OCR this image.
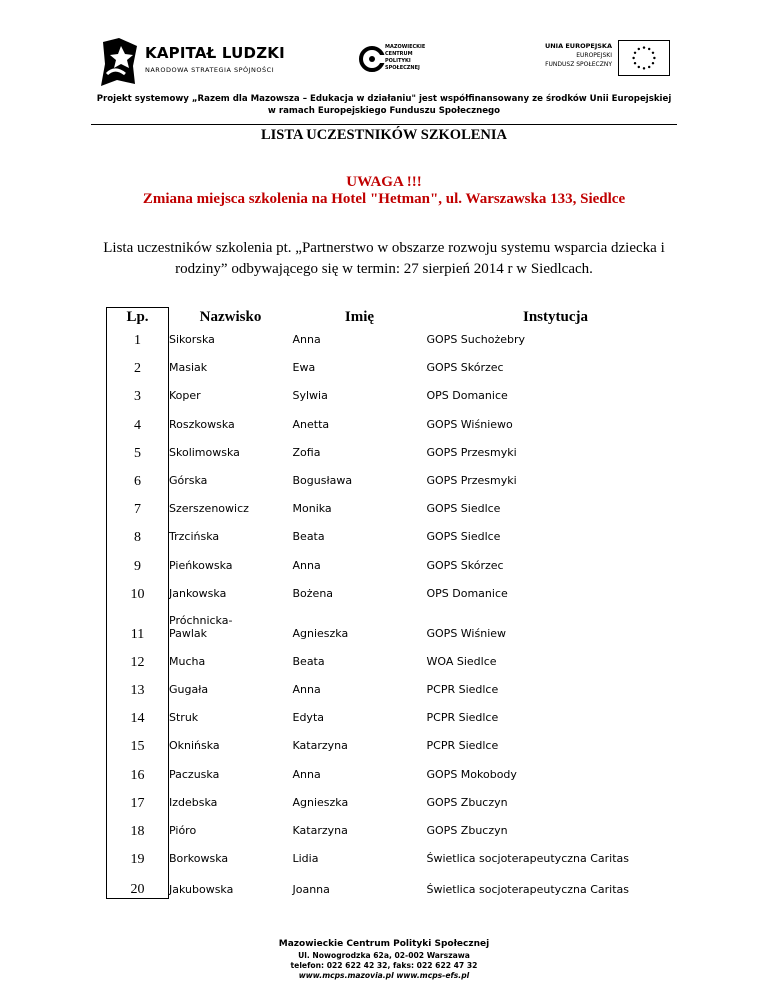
KAPITAŁ LUDZKI
NARODOWA STRATEGIA SPÓJNOŚCI
MAZOWIECKIE
CENTRUM
POLITYKI
SPOŁECZNEJ
UNIA EUROPEJSKA
EUROPEJSKI
FUNDUSZ SPOŁECZNY
Projekt systemowy „Razem dla Mazowsza – Edukacja w działaniu" jest współfinansowany ze środków Unii Europejskiej
w ramach Europejskiego Funduszu Społecznego
LISTA UCZESTNIKÓW SZKOLENIA
UWAGA !!!
Zmiana miejsca szkolenia na Hotel "Hetman", ul. Warszawska 133, Siedlce
Lista uczestników szkolenia pt. „Partnerstwo w obszarze rozwoju systemu wsparcia dziecka i
rodziny” odbywającego się w termin: 27 sierpień 2014 r w Siedlcach.
Lp.	Nazwisko	Imię	Instytucja
1	Sikorska	Anna	GOPS Suchożebry
2	Masiak	Ewa	GOPS Skórzec
3	Koper	Sylwia	OPS Domanice
4	Roszkowska	Anetta	GOPS Wiśniewo
5	Skolimowska	Zofia	GOPS Przesmyki
6	Górska	Bogusława	GOPS Przesmyki
7	Szerszenowicz	Monika	GOPS Siedlce
8	Trzcińska	Beata	GOPS Siedlce
9	Pieńkowska	Anna	GOPS Skórzec
10	Jankowska	Bożena	OPS Domanice
11	Próchnicka-
Pawlak	Agnieszka	GOPS Wiśniew
12	Mucha	Beata	WOA Siedlce
13	Gugała	Anna	PCPR Siedlce
14	Struk	Edyta	PCPR Siedlce
15	Oknińska	Katarzyna	PCPR Siedlce
16	Paczuska	Anna	GOPS Mokobody
17	Izdebska	Agnieszka	GOPS Zbuczyn
18	Pióro	Katarzyna	GOPS Zbuczyn
19	Borkowska	Lidia	Świetlica socjoterapeutyczna Caritas
20	Jakubowska	Joanna	Świetlica socjoterapeutyczna Caritas
Mazowieckie Centrum Polityki Społecznej
Ul. Nowogrodzka 62a, 02-002 Warszawa
telefon: 022 622 42 32, faks: 022 622 47 32
www.mcps.mazovia.pl www.mcps-efs.pl
